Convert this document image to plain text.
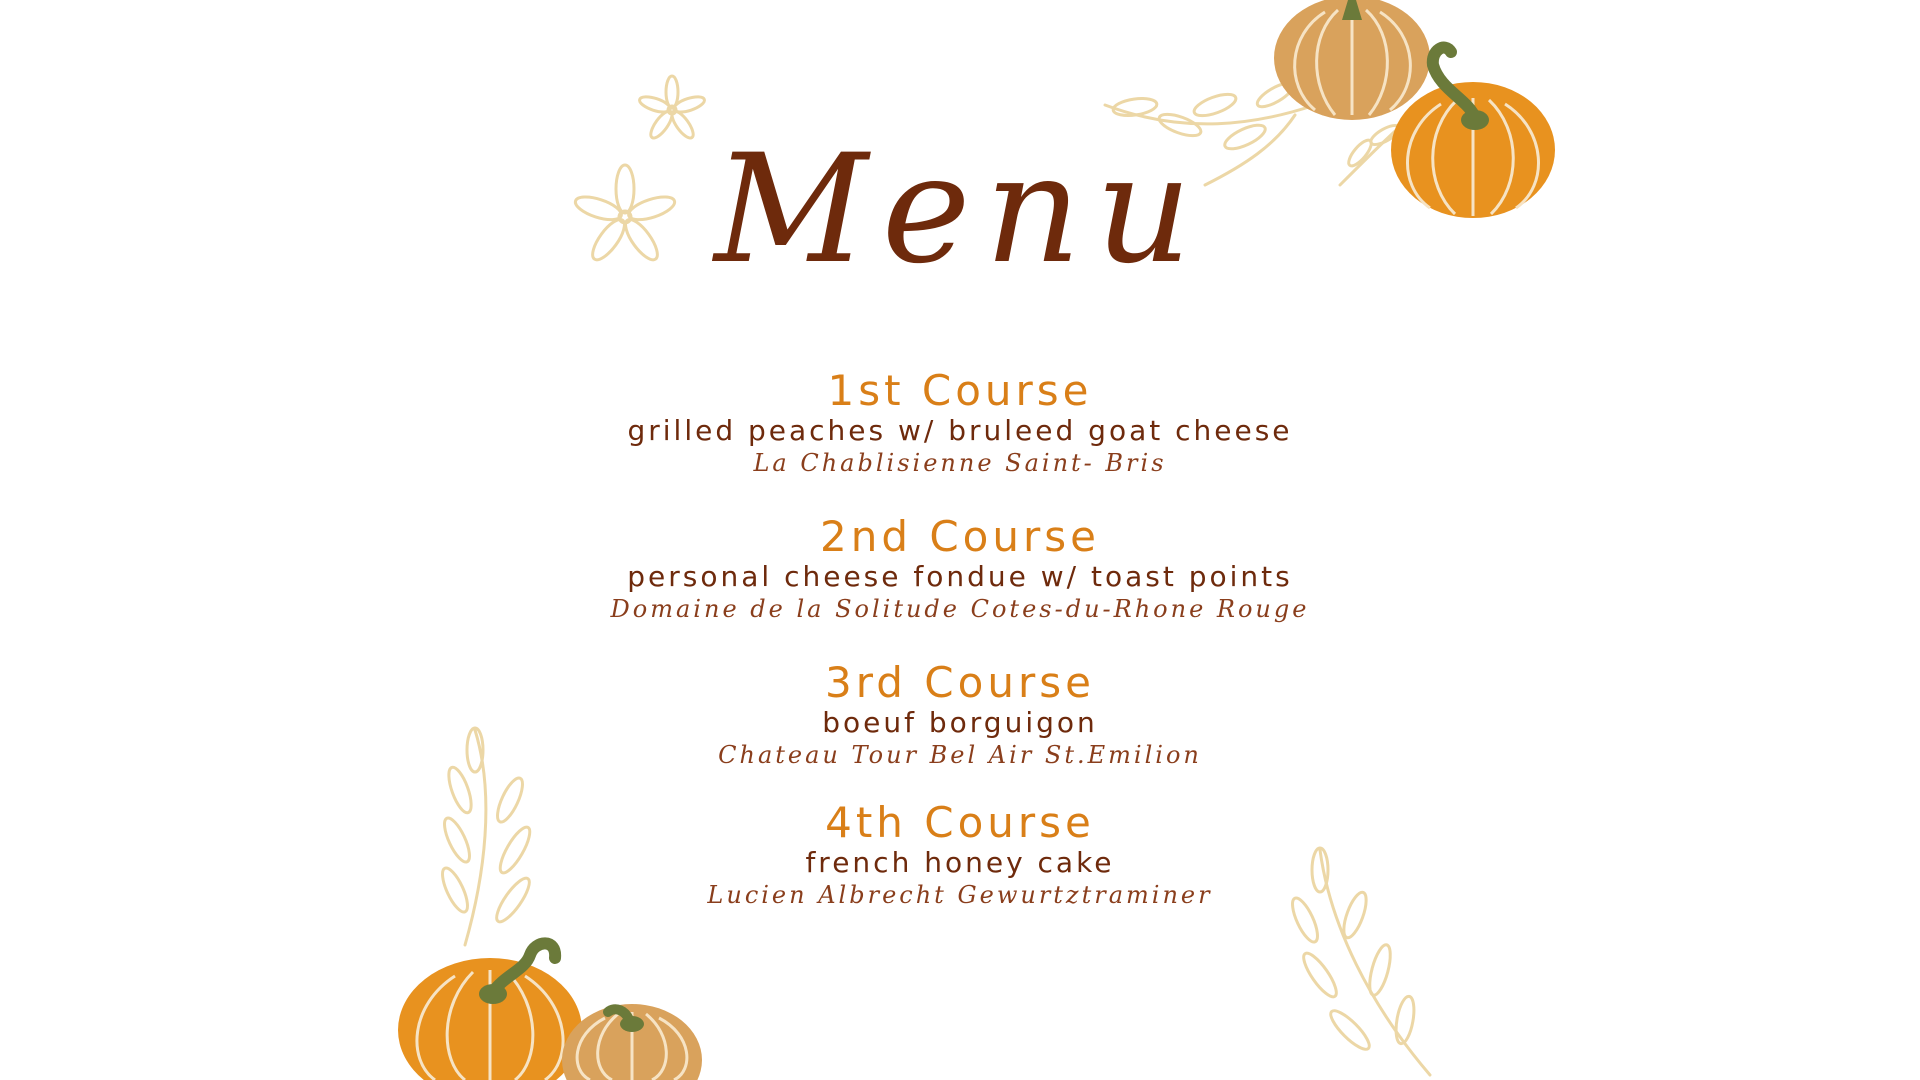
Menu
1st Course
grilled peaches w/ bruleed goat cheese
La Chablisienne Saint- Bris
2nd Course
personal cheese fondue w/ toast points
Domaine de la Solitude Cotes-du-Rhone Rouge
3rd Course
boeuf borguigon
Chateau Tour Bel Air St.Emilion
4th Course
french honey cake
Lucien Albrecht Gewurtztraminer
